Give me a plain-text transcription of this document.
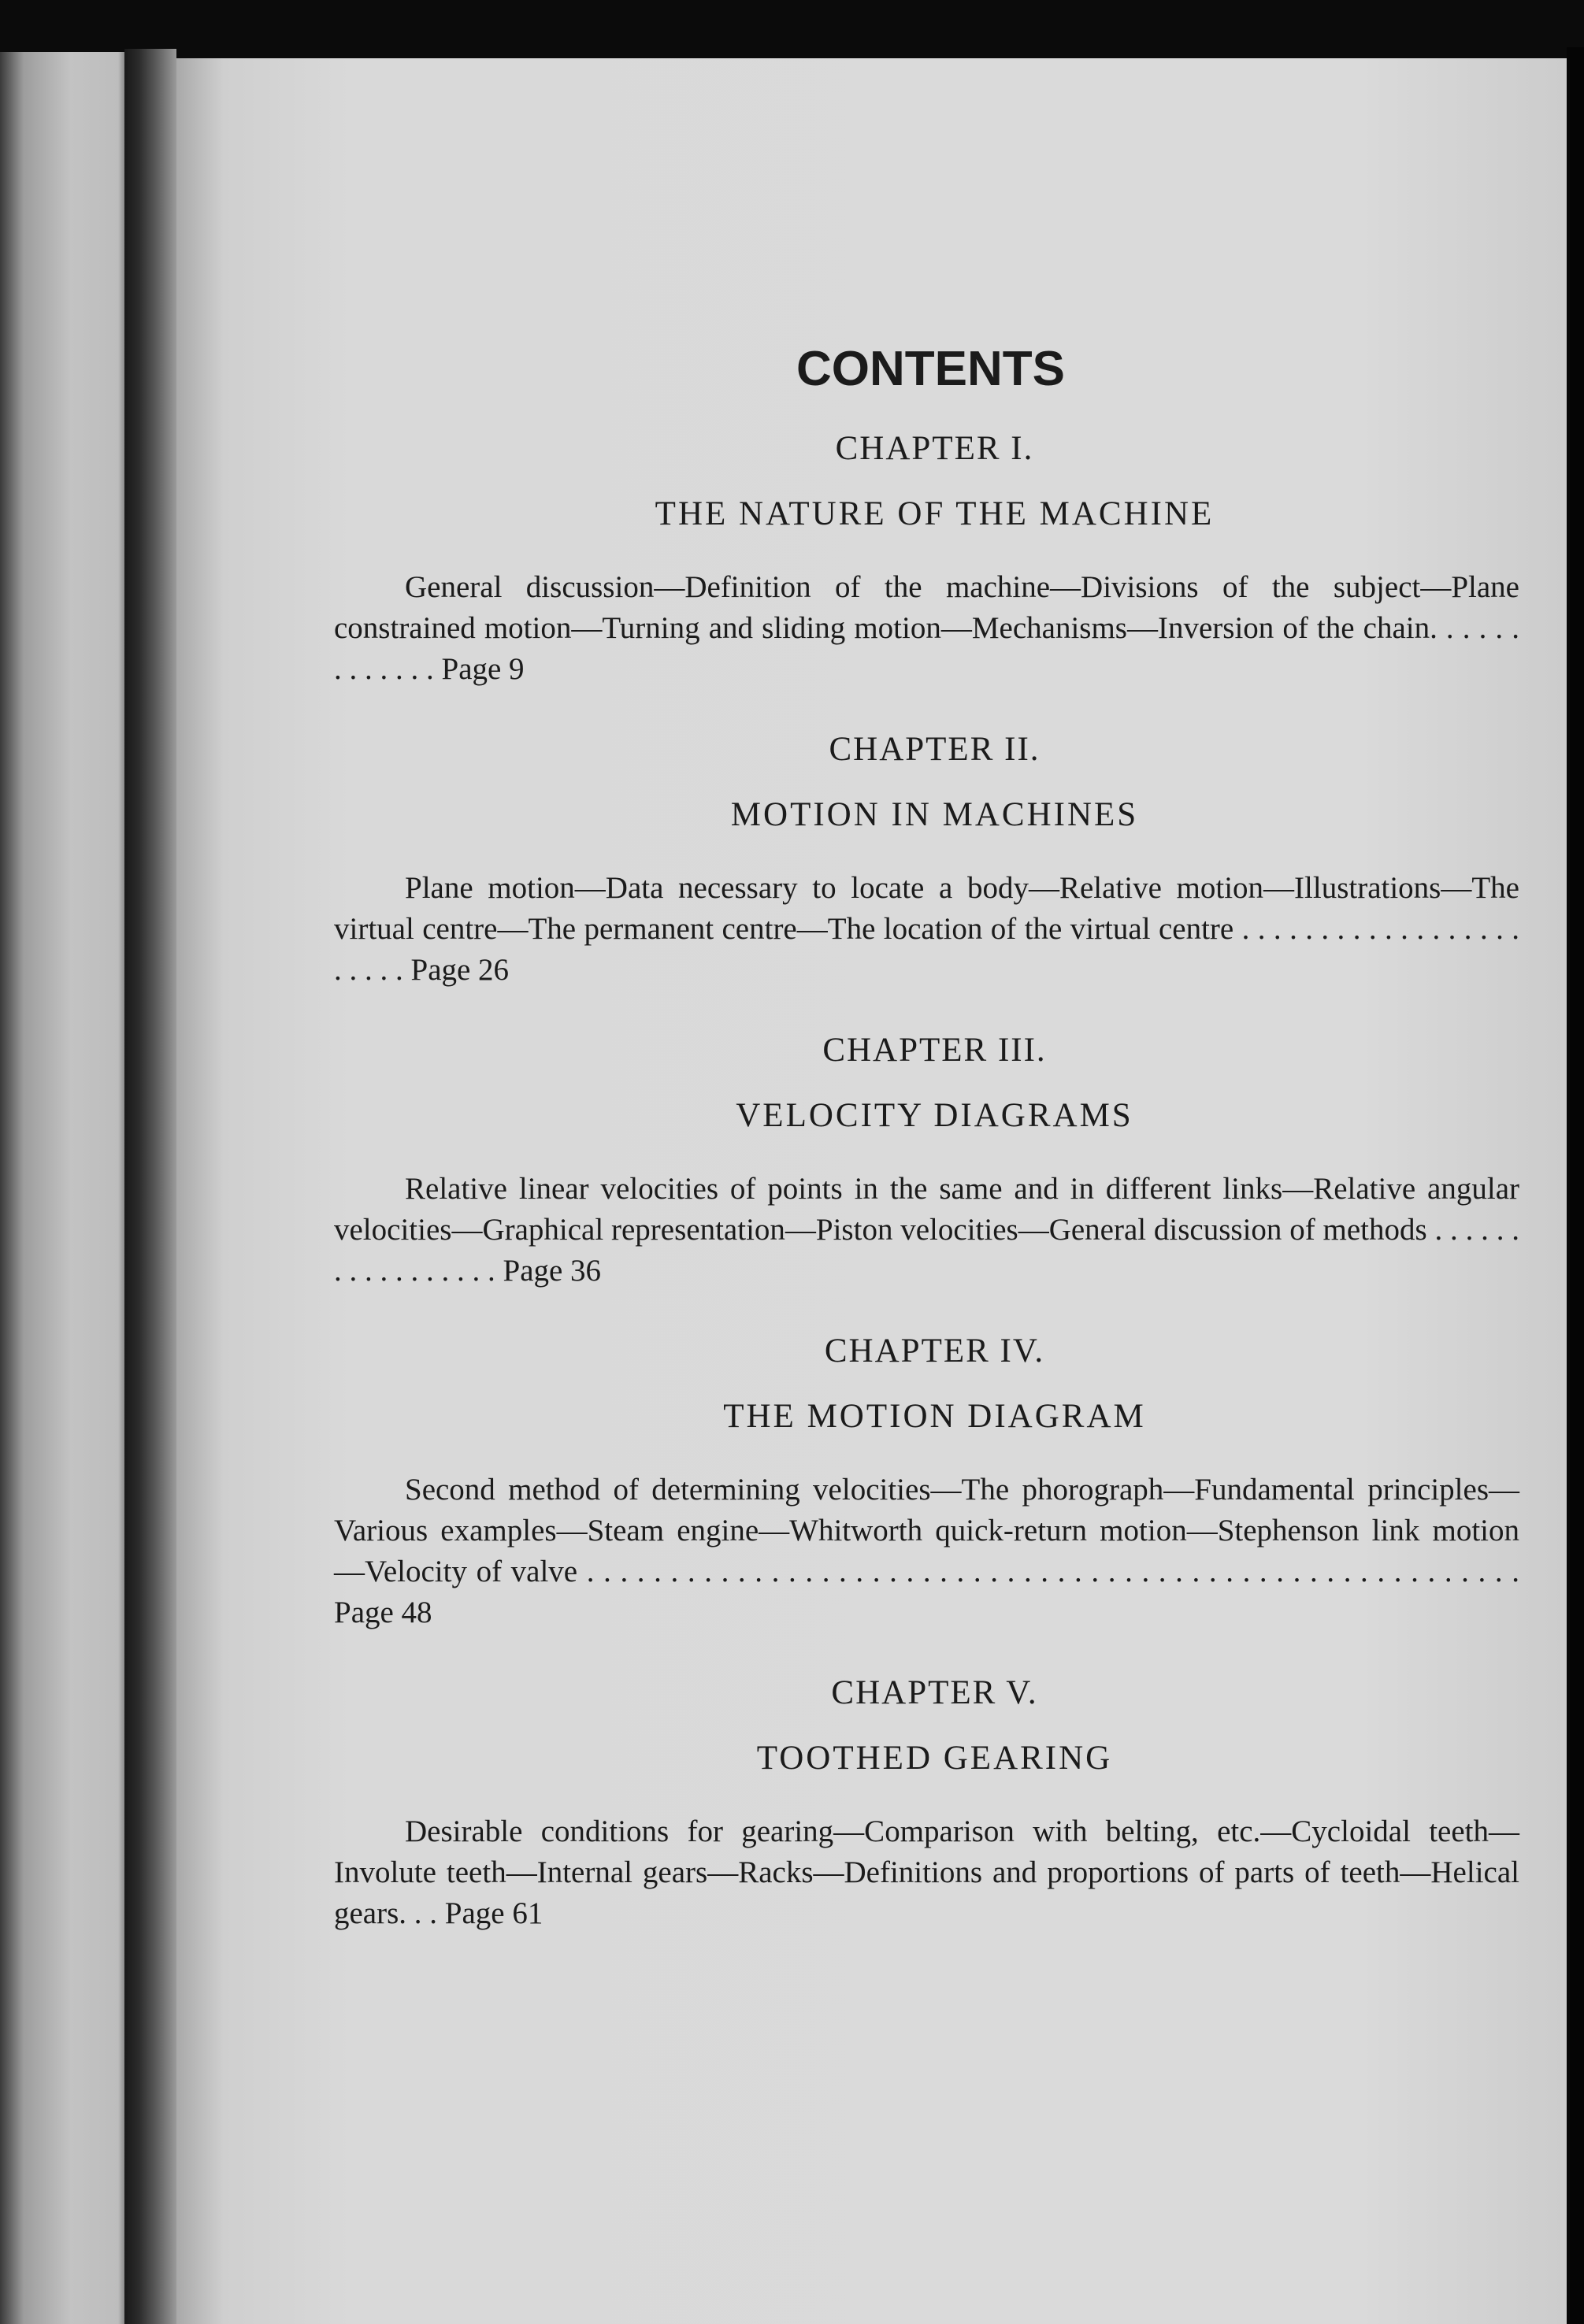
CONTENTS
CHAPTER I.
THE NATURE OF THE MACHINE
General discussion—Definition of the machine—Divisions of the subject—Plane constrained motion—Turning and sliding motion—Mechanisms—Inversion of the chain. . . . . . . . . . . . . Page 9
CHAPTER II.
MOTION IN MACHINES
Plane motion—Data necessary to locate a body—Relative motion—Illustrations—The virtual centre—The permanent centre—The location of the virtual centre . . . . . . . . . . . . . . . . . . . . . . . Page 26
CHAPTER III.
VELOCITY DIAGRAMS
Relative linear velocities of points in the same and in different links—Relative angular velocities—Graphical representation—Piston velocities—General discussion of methods . . . . . . . . . . . . . . . . . Page 36
CHAPTER IV.
THE MOTION DIAGRAM
Second method of determining velocities—The phorograph—Fundamental principles—Various examples—Steam engine—Whitworth quick-return motion—Stephenson link motion—Velocity of valve . . . . . . . . . . . . . . . . . . . . . . . . . . . . . . . . . . . . . . . . . . . . . . . . . . . . . . . . Page 48
CHAPTER V.
TOOTHED GEARING
Desirable conditions for gearing—Comparison with belting, etc.—Cycloidal teeth—Involute teeth—Internal gears—Racks—Definitions and proportions of parts of teeth—Helical gears. . . Page 61
